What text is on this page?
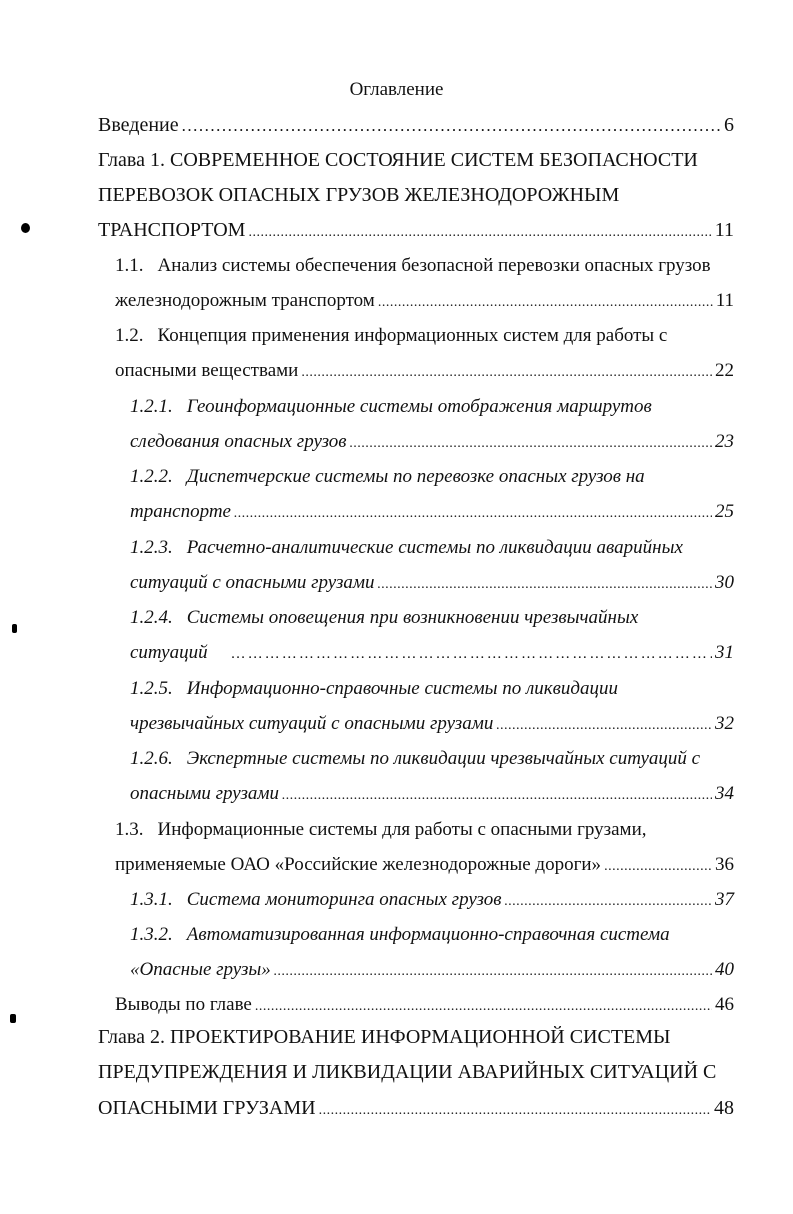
Оглавление
Введение .....	6
Глава 1. СОВРЕМЕННОЕ СОСТОЯНИЕ СИСТЕМ БЕЗОПАСНОСТИ
ПЕРЕВОЗОК ОПАСНЫХ ГРУЗОВ ЖЕЛЕЗНОДОРОЖНЫМ
ТРАНСПОРТОМ .....	11
1.1. Анализ системы обеспечения безопасной перевозки опасных грузов
железнодорожным транспортом .....	11
1.2. Концепция применения информационных систем для работы с
опасными веществами .....	22
1.2.1. Геоинформационные системы отображения маршрутов
следования опасных грузов .....	23
1.2.2. Диспетчерские системы по перевозке опасных грузов на
транспорте .....	25
1.2.3. Расчетно-аналитические системы по ликвидации аварийных
ситуаций с опасными грузами .....	30
1.2.4. Системы оповещения при возникновении чрезвычайных
ситуаций … … … … … … … … … … … … … … … … … … … … … … … … … … … … … … … … … … … … … … … …	31
1.2.5. Информационно-справочные системы по ликвидации
чрезвычайных ситуаций с опасными грузами .....	32
1.2.6. Экспертные системы по ликвидации чрезвычайных ситуаций с
опасными грузами .....	34
1.3. Информационные системы для работы с опасными грузами,
применяемые ОАО «Российские железнодорожные дороги» .....	36
1.3.1. Система мониторинга опасных грузов .....	37
1.3.2. Автоматизированная информационно-справочная система
«Опасные грузы» .....	40
Выводы по главе .....	46
Глава 2. ПРОЕКТИРОВАНИЕ ИНФОРМАЦИОННОЙ СИСТЕМЫ
ПРЕДУПРЕЖДЕНИЯ И ЛИКВИДАЦИИ АВАРИЙНЫХ СИТУАЦИЙ С
ОПАСНЫМИ ГРУЗАМИ .....	48
